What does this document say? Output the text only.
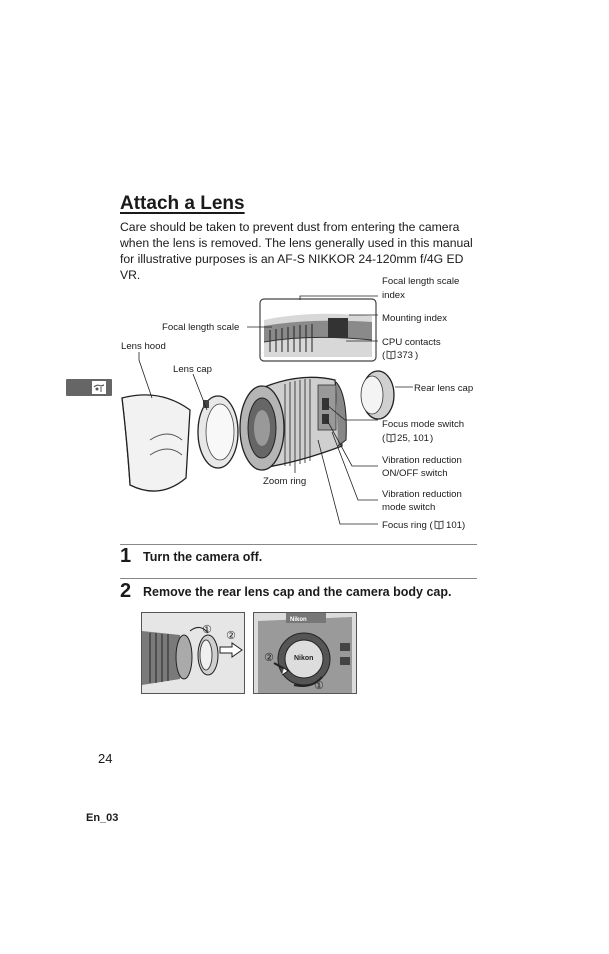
Attach a Lens

Care should be taken to prevent dust from entering the camera when the lens is removed. The lens generally used in this manual for illustrative purposes is an AF-S NIKKOR 24-120mm f/4G ED VR.	Focal length scale
index
Focal length scale
Mounting index
Lens hood	CPU contacts
( 373 )
Lens cap
Rear lens cap
Focus mode switch
( 25, 101 )
Vibration reduction
ON/OFF switch
Zoom ring
Vibration reduction
mode switch
Focus ring ( 101)

1 Turn the camera off.

2 Remove the rear lens cap and the camera body cap.

① ②
Nikon
Nikon
②
①

24

En_03
